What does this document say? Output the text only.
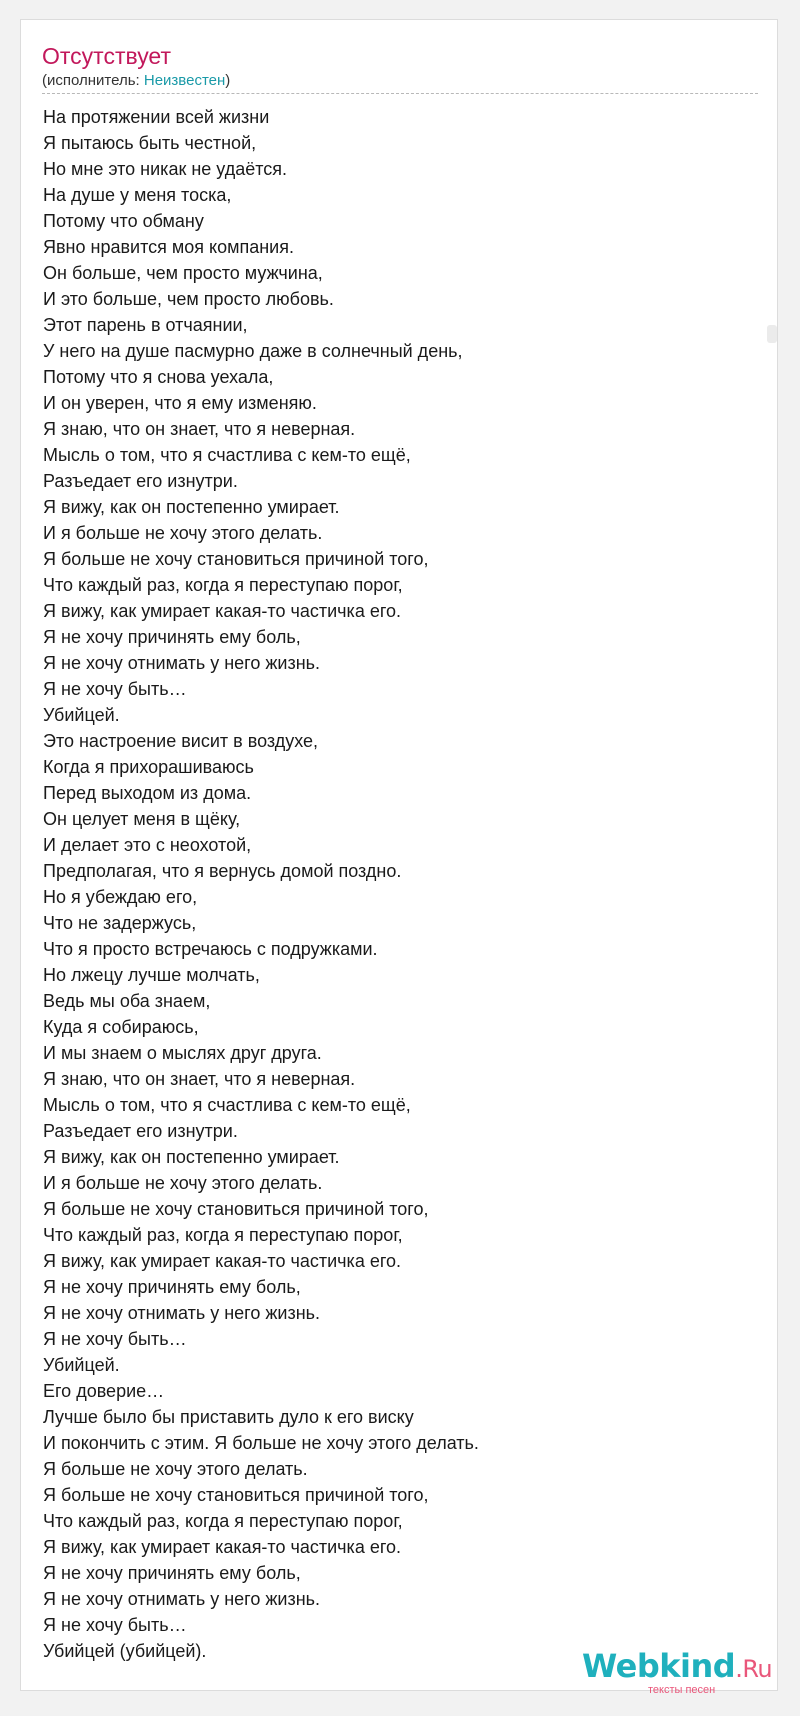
Отсутствует
(исполнитель: Неизвестен)
На протяжении всей жизни
Я пытаюсь быть честной,
Но мне это никак не удаётся.
На душе у меня тоска,
Потому что обману
Явно нравится моя компания.
Он больше, чем просто мужчина,
И это больше, чем просто любовь.
Этот парень в отчаянии,
У него на душе пасмурно даже в солнечный день,
Потому что я снова уехала,
И он уверен, что я ему изменяю.
Я знаю, что он знает, что я неверная.
Мысль о том, что я счастлива с кем-то ещё,
Разъедает его изнутри.
Я вижу, как он постепенно умирает.
И я больше не хочу этого делать.
Я больше не хочу становиться причиной того,
Что каждый раз, когда я переступаю порог,
Я вижу, как умирает какая-то частичка его.
Я не хочу причинять ему боль,
Я не хочу отнимать у него жизнь.
Я не хочу быть…
Убийцей.
Это настроение висит в воздухе,
Когда я прихорашиваюсь
Перед выходом из дома.
Он целует меня в щёку,
И делает это с неохотой,
Предполагая, что я вернусь домой поздно.
Но я убеждаю его,
Что не задержусь,
Что я просто встречаюсь с подружками.
Но лжецу лучше молчать,
Ведь мы оба знаем,
Куда я собираюсь,
И мы знаем о мыслях друг друга.
Я знаю, что он знает, что я неверная.
Мысль о том, что я счастлива с кем-то ещё,
Разъедает его изнутри.
Я вижу, как он постепенно умирает.
И я больше не хочу этого делать.
Я больше не хочу становиться причиной того,
Что каждый раз, когда я переступаю порог,
Я вижу, как умирает какая-то частичка его.
Я не хочу причинять ему боль,
Я не хочу отнимать у него жизнь.
Я не хочу быть…
Убийцей.
Его доверие…
Лучше было бы приставить дуло к его виску
И покончить с этим. Я больше не хочу этого делать.
Я больше не хочу этого делать.
Я больше не хочу становиться причиной того,
Что каждый раз, когда я переступаю порог,
Я вижу, как умирает какая-то частичка его.
Я не хочу причинять ему боль,
Я не хочу отнимать у него жизнь.
Я не хочу быть…
Убийцей (убийцей).	Webkind.Ru
тексты песен
